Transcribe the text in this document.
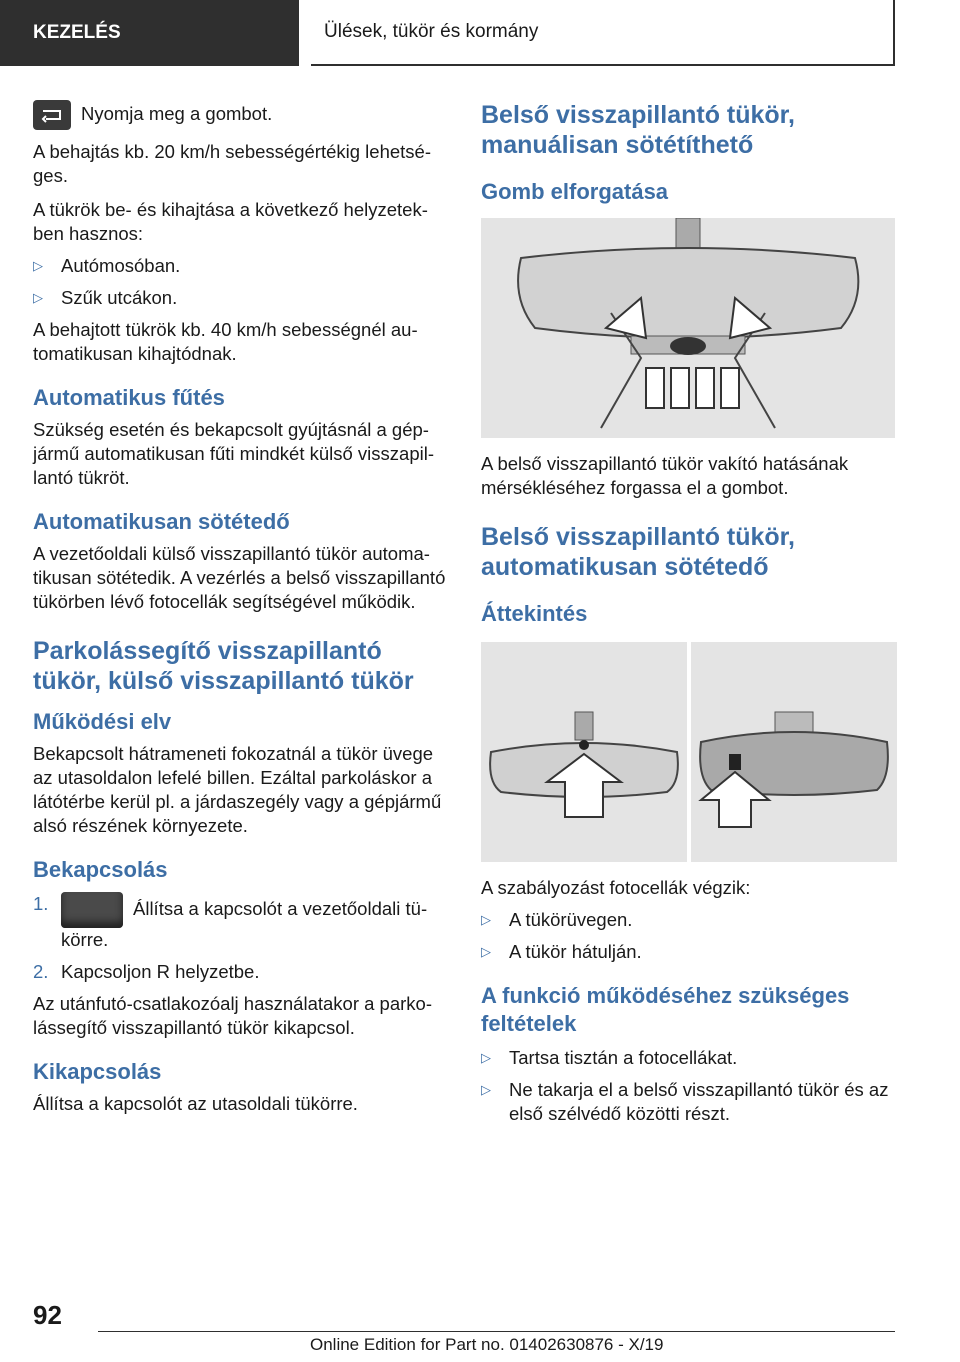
KEZELÉS	Ülések, tükör és kormány

Nyomja meg a gombot.

A behajtás kb. 20 km/h sebességértékig lehetséges.

A tükrök be- és kihajtása a következő helyzetekben hasznos:

▷ Autómosóban.
▷ Szűk utcákon.

A behajtott tükrök kb. 40 km/h sebességnél automatikusan kihajtódnak.

Automatikus fűtés

Szükség esetén és bekapcsolt gyújtásnál a gépjármű automatikusan fűti mindkét külső visszapillantó tükröt.

Automatikusan sötétedő

A vezetőoldali külső visszapillantó tükör automatikusan sötétedik. A vezérlés a belső visszapillantó tükörben lévő fotocellák segítségével működik.

Parkolássegítő visszapillantó tükör, külső visszapillantó tükör
Működési elv

Bekapcsolt hátrameneti fokozatnál a tükör üvege az utasoldalon lefelé billen. Ezáltal parkoláskor a látótérbe kerül pl. a járdaszegély vagy a gépjármű alsó részének környezete.

Bekapcsolás
1.	Állítsa a kapcsolót a vezetőoldali tükörre.
2. Kapcsoljon R helyzetbe.

Az utánfutó-csatlakozóalj használatakor a parkolássegítő visszapillantó tükör kikapcsol.

Kikapcsolás

Állítsa a kapcsolót az utasoldali tükörre.

Belső visszapillantó tükör, manuálisan sötétíthető
Gomb elforgatása

A belső visszapillantó tükör vakító hatásának mérsékléséhez forgassa el a gombot.

Belső visszapillantó tükör, automatikusan sötétedő
Áttekintés

A szabályozást fotocellák végzik:

▷ A tükörüvegen.
▷ A tükör hátulján.
A funkció működéséhez szükséges feltételek
▷ Tartsa tisztán a fotocellákat.
▷ Ne takarja el a belső visszapillantó tükör és az első szélvédő közötti részt.
92
Online Edition for Part no. 01402630876 - X/19
